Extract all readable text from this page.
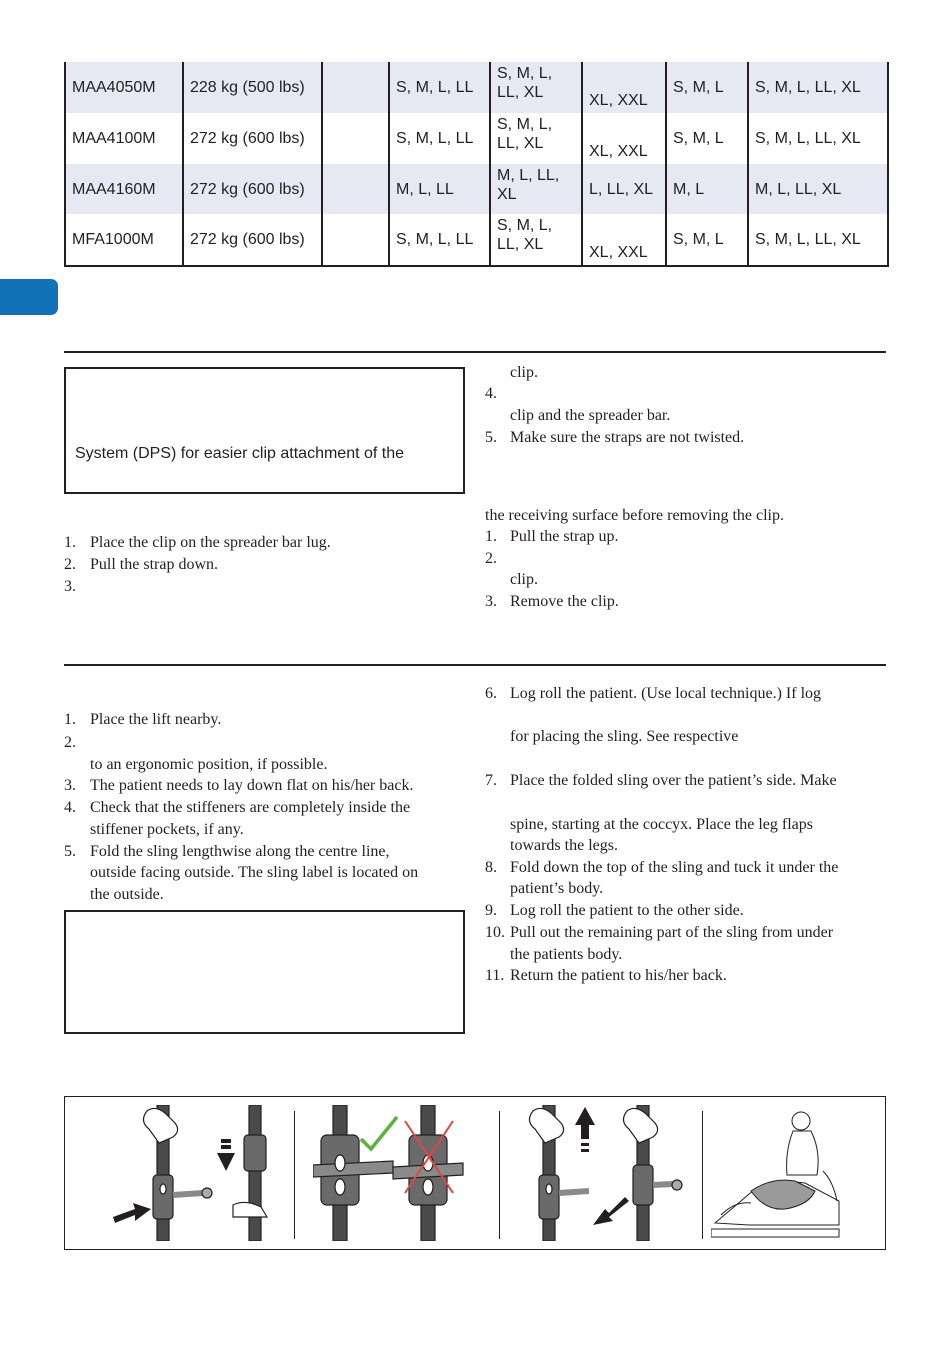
MAA4050M	228 kg (500 lbs)		S, M, L, LL	S, M, L, LL, XL	XL, XXL	S, M, L	S, M, L, LL, XL
MAA4100M	272 kg (600 lbs)		S, M, L, LL	S, M, L, LL, XL	XL, XXL	S, M, L	S, M, L, LL, XL
MAA4160M	272 kg (600 lbs)		M, L, LL	M, L, LL, XL	L, LL, XL	M, L	M, L, LL, XL
MFA1000M	272 kg (600 lbs)		S, M, L, LL	S, M, L, LL, XL	XL, XXL	S, M, L	S, M, L, LL, XL

System (DPS) for easier clip attachment of the

1. Place the clip on the spreader bar lug.

2. Pull the strap down.

3.

clip.

4.

clip and the spreader bar.

5. Make sure the straps are not twisted.

the receiving surface before removing the clip.

1. Pull the strap up.

2.

clip.

3. Remove the clip.

1. Place the lift nearby.

2.

to an ergonomic position, if possible.

3. The patient needs to lay down flat on his/her back.

4. Check that the stiffeners are completely inside the

stiffener pockets, if any.

5. Fold the sling lengthwise along the centre line,

outside facing outside. The sling label is located on

the outside.

6. Log roll the patient. (Use local technique.) If log

for placing the sling. See respective

7. Place the folded sling over the patient’s side. Make

spine, starting at the coccyx. Place the leg flaps

towards the legs.

8. Fold down the top of the sling and tuck it under the

patient’s body.

9. Log roll the patient to the other side.

10. Pull out the remaining part of the sling from under

the patients body.

11. Return the patient to his/her back.
